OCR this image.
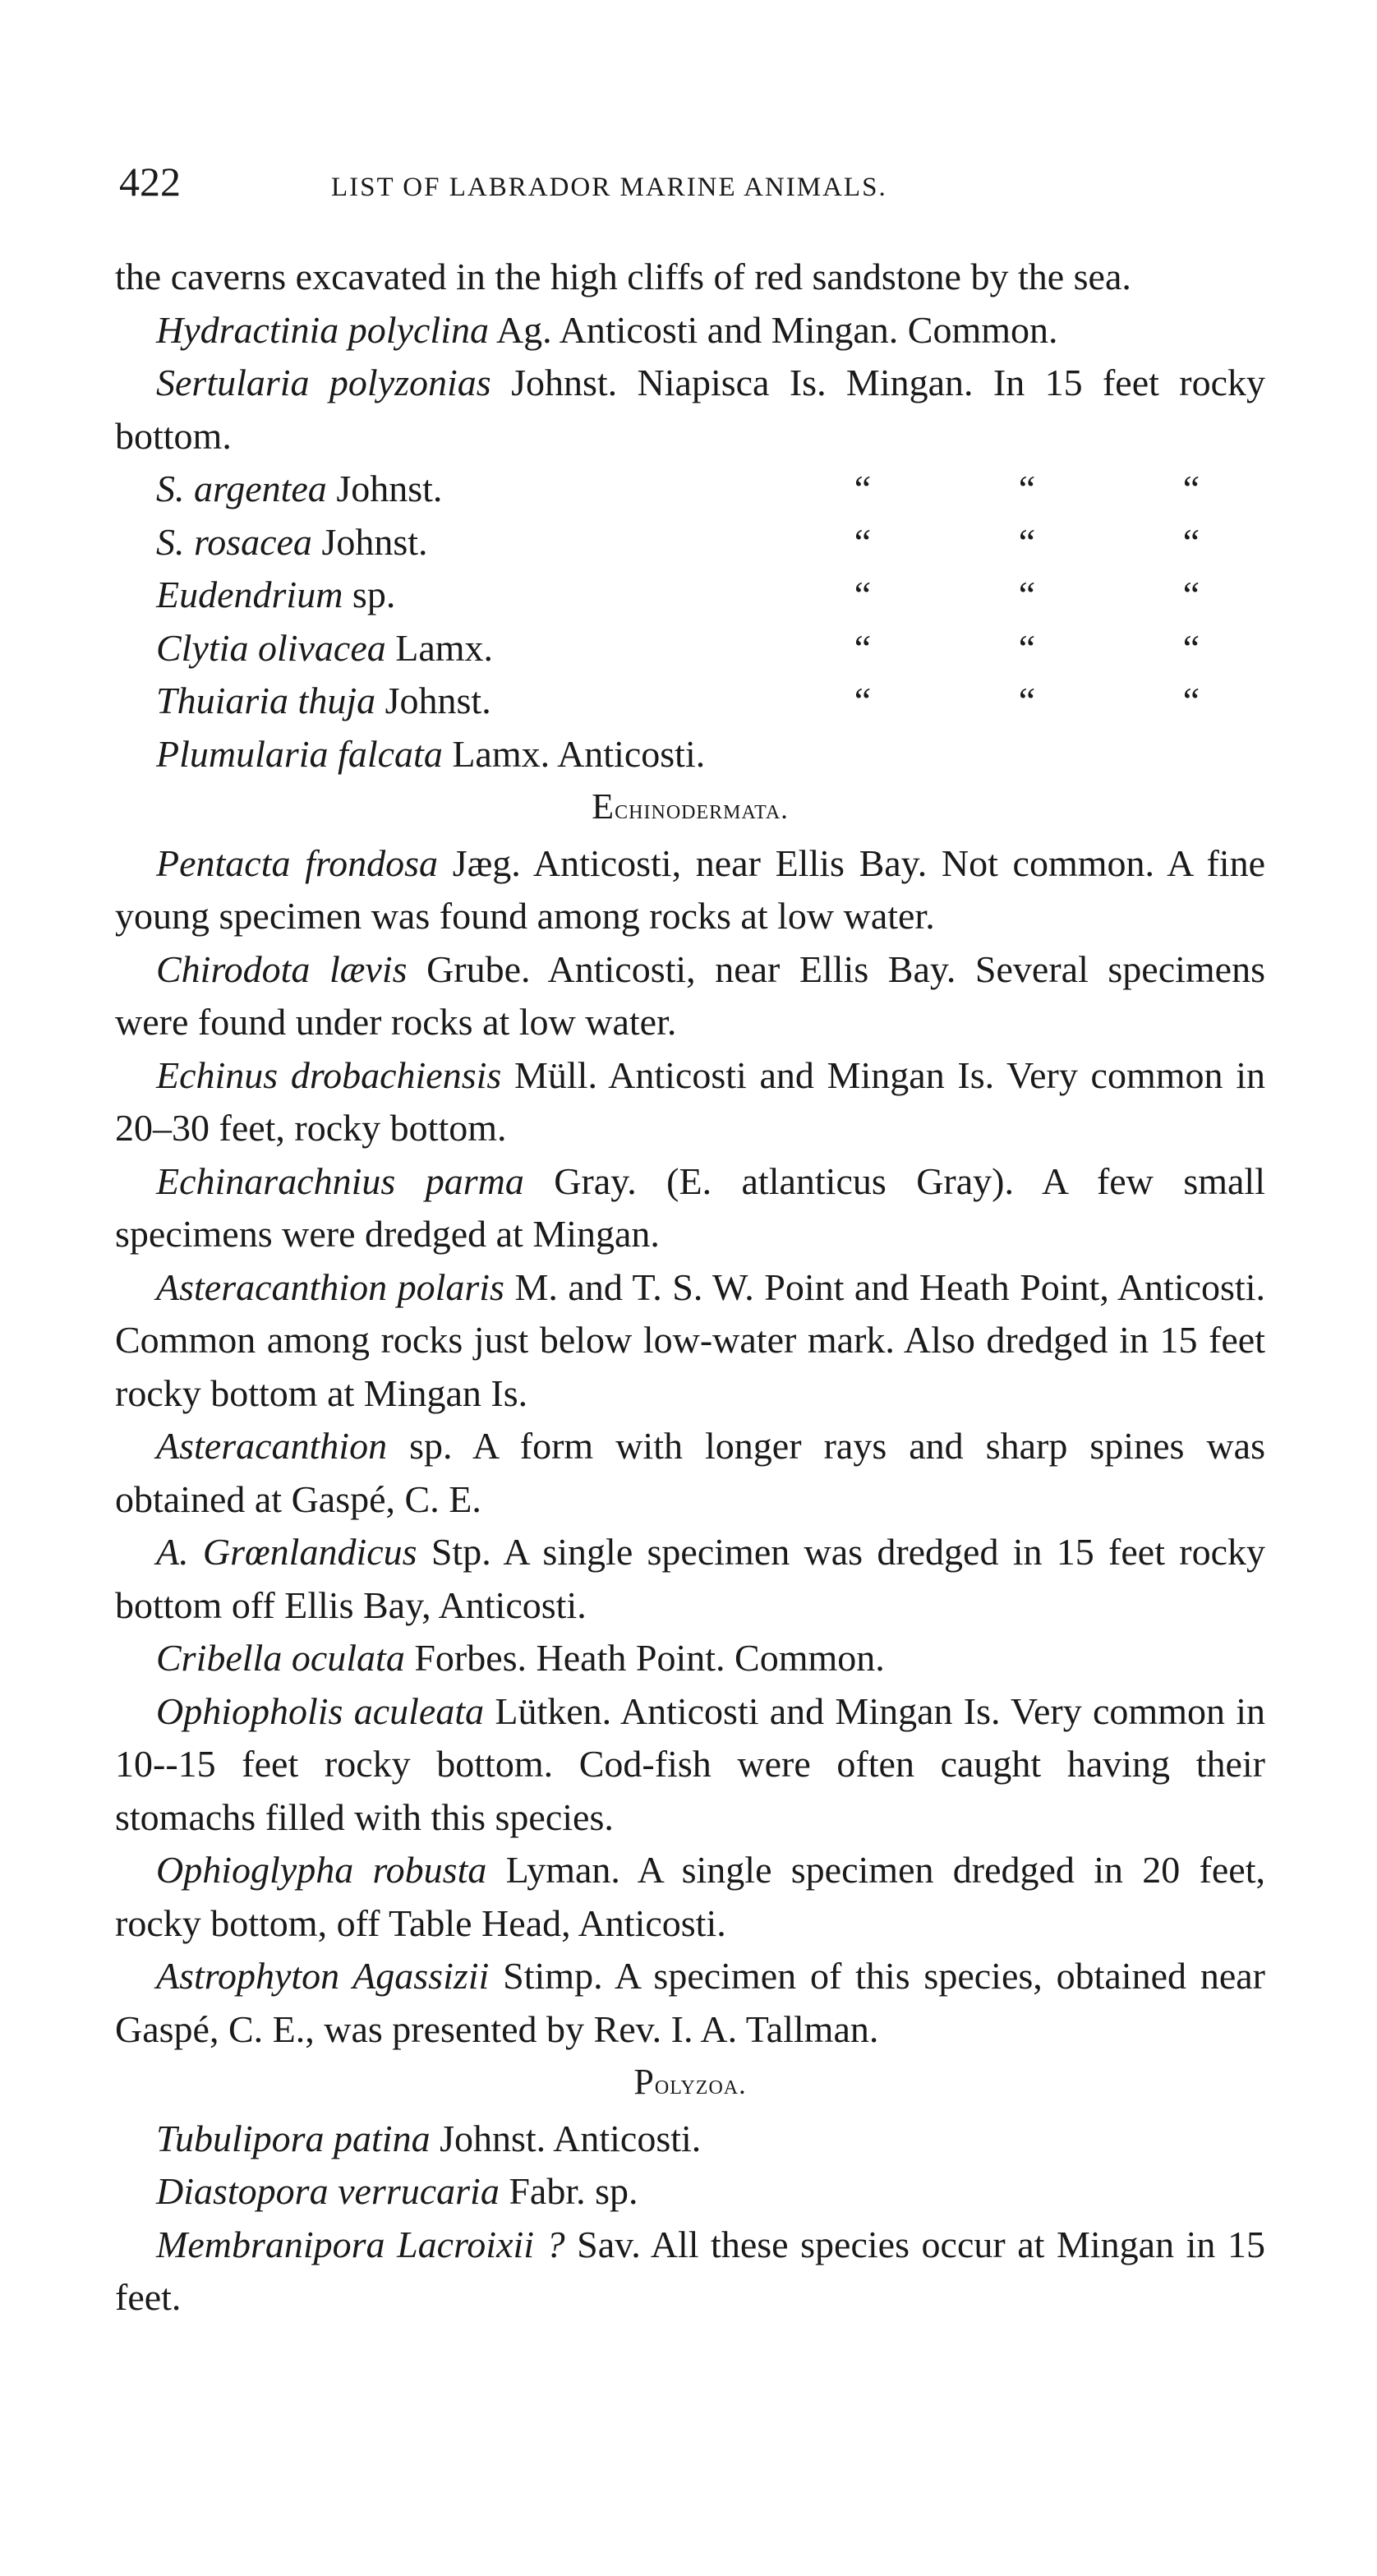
422	LIST OF LABRADOR MARINE ANIMALS.

the caverns excavated in the high cliffs of red sandstone by the sea.

Hydractinia polyclina Ag. Anticosti and Mingan. Common.

Sertularia polyzonias Johnst. Niapisca Is. Mingan. In 15 feet rocky bottom.

S. argentea Johnst.	“	“	“
S. rosacea Johnst.	“	“	“
Eudendrium sp.	“	“	“
Clytia olivacea Lamx.	“	“	“
Thuiaria thuja Johnst.	“	“	“

Plumularia falcata Lamx. Anticosti.

Echinodermata.

Pentacta frondosa Jæg. Anticosti, near Ellis Bay. Not common. A fine young specimen was found among rocks at low water.

Chirodota lævis Grube. Anticosti, near Ellis Bay. Several specimens were found under rocks at low water.

Echinus drobachiensis Müll. Anticosti and Mingan Is. Very common in 20–30 feet, rocky bottom.

Echinarachnius parma Gray. (E. atlanticus Gray). A few small specimens were dredged at Mingan.

Asteracanthion polaris M. and T. S. W. Point and Heath Point, Anticosti. Common among rocks just below low-water mark. Also dredged in 15 feet rocky bottom at Mingan Is.

Asteracanthion sp. A form with longer rays and sharp spines was obtained at Gaspé, C. E.

A. Grœnlandicus Stp. A single specimen was dredged in 15 feet rocky bottom off Ellis Bay, Anticosti.

Cribella oculata Forbes. Heath Point. Common.

Ophiopholis aculeata Lütken. Anticosti and Mingan Is. Very common in 10--15 feet rocky bottom. Cod-fish were often caught having their stomachs filled with this species.

Ophioglypha robusta Lyman. A single specimen dredged in 20 feet, rocky bottom, off Table Head, Anticosti.

Astrophyton Agassizii Stimp. A specimen of this species, obtained near Gaspé, C. E., was presented by Rev. I. A. Tallman.

Polyzoa.

Tubulipora patina Johnst. Anticosti.

Diastopora verrucaria Fabr. sp.

Membranipora Lacroixii ? Sav. All these species occur at Mingan in 15 feet.
